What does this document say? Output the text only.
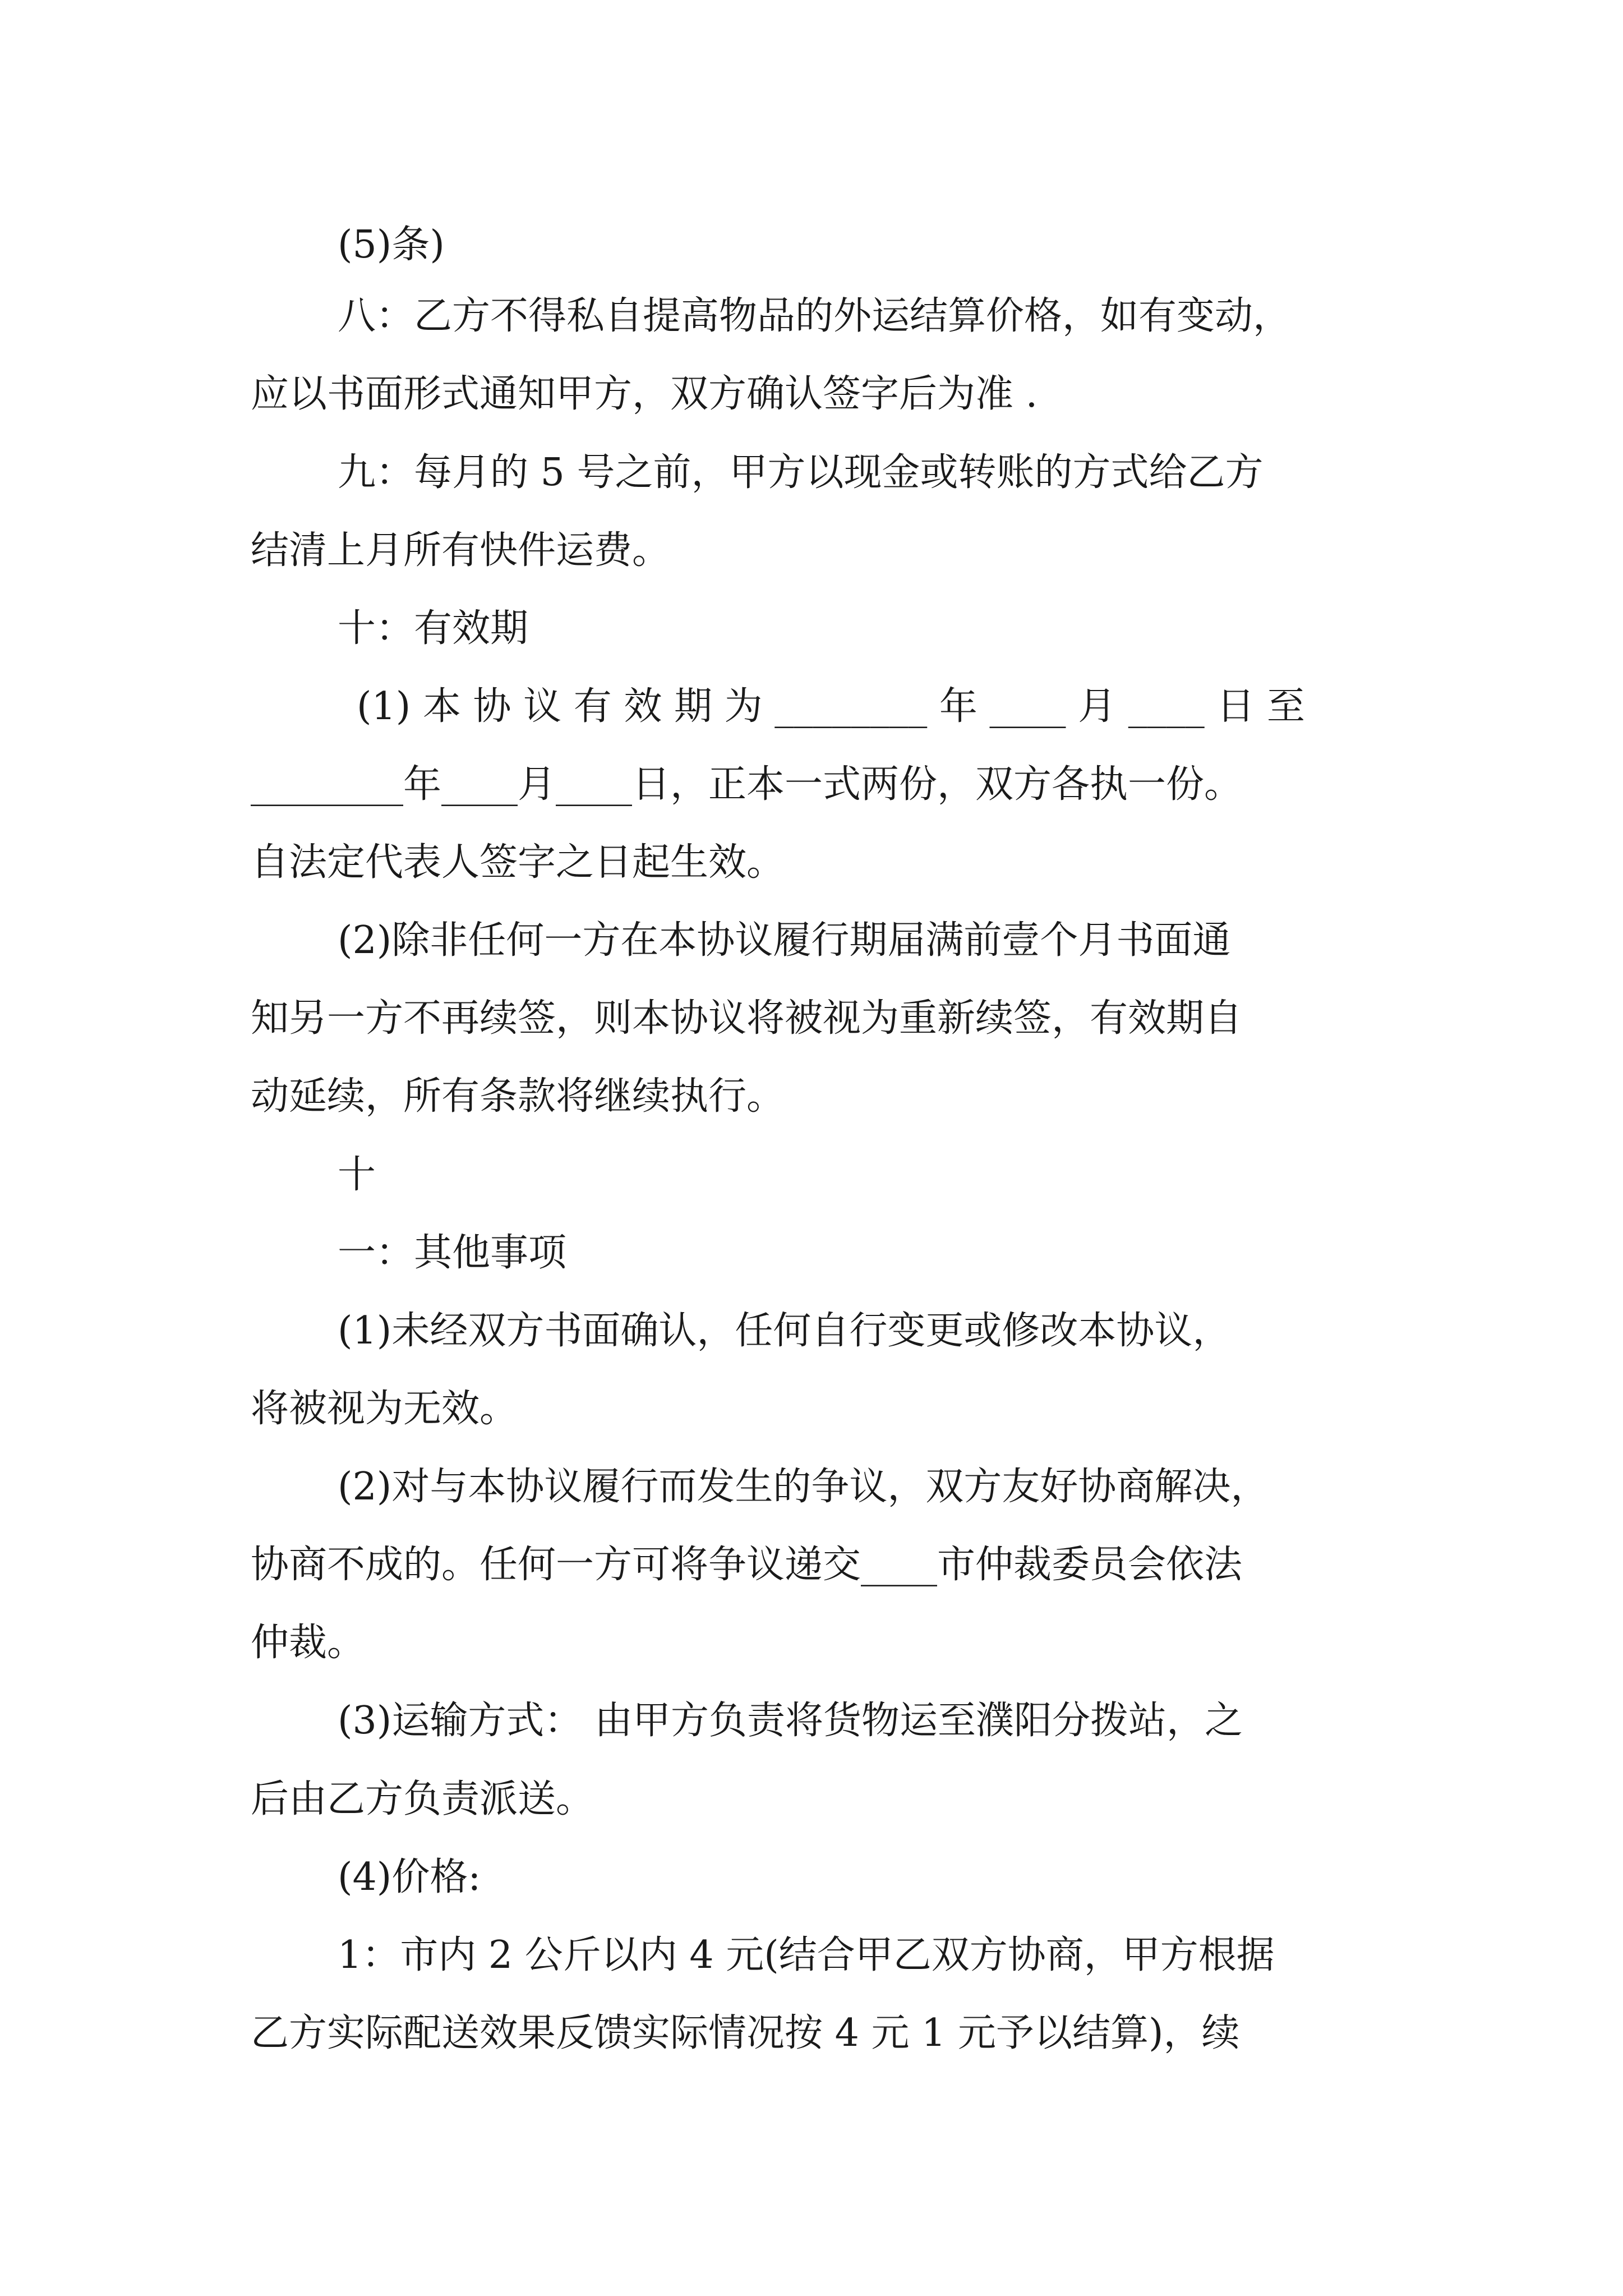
(5)条)
八：乙方不得私自提高物品的外运结算价格，如有变动，
应以书面形式通知甲方，双方确认签字后为准 .
九：每月的 5 号之前，甲方以现金或转账的方式给乙方
结清上月所有快件运费。
十：有效期
(1) 本 协 议 有 效 期 为 ________ 年 ____ 月 ____ 日 至
________年____月____日，正本一式两份，双方各执一份。
自法定代表人签字之日起生效。
(2)除非任何一方在本协议履行期届满前壹个月书面通
知另一方不再续签，则本协议将被视为重新续签，有效期自
动延续，所有条款将继续执行。
十
一：其他事项
(1)未经双方书面确认，任何自行变更或修改本协议，
将被视为无效。
(2)对与本协议履行而发生的争议，双方友好协商解决，
协商不成的。任何一方可将争议递交____市仲裁委员会依法
仲裁。
(3)运输方式： 由甲方负责将货物运至濮阳分拨站，之
后由乙方负责派送。
(4)价格:
1：市内 2 公斤以内 4 元(结合甲乙双方协商，甲方根据
乙方实际配送效果反馈实际情况按 4 元 1 元予以结算)，续
